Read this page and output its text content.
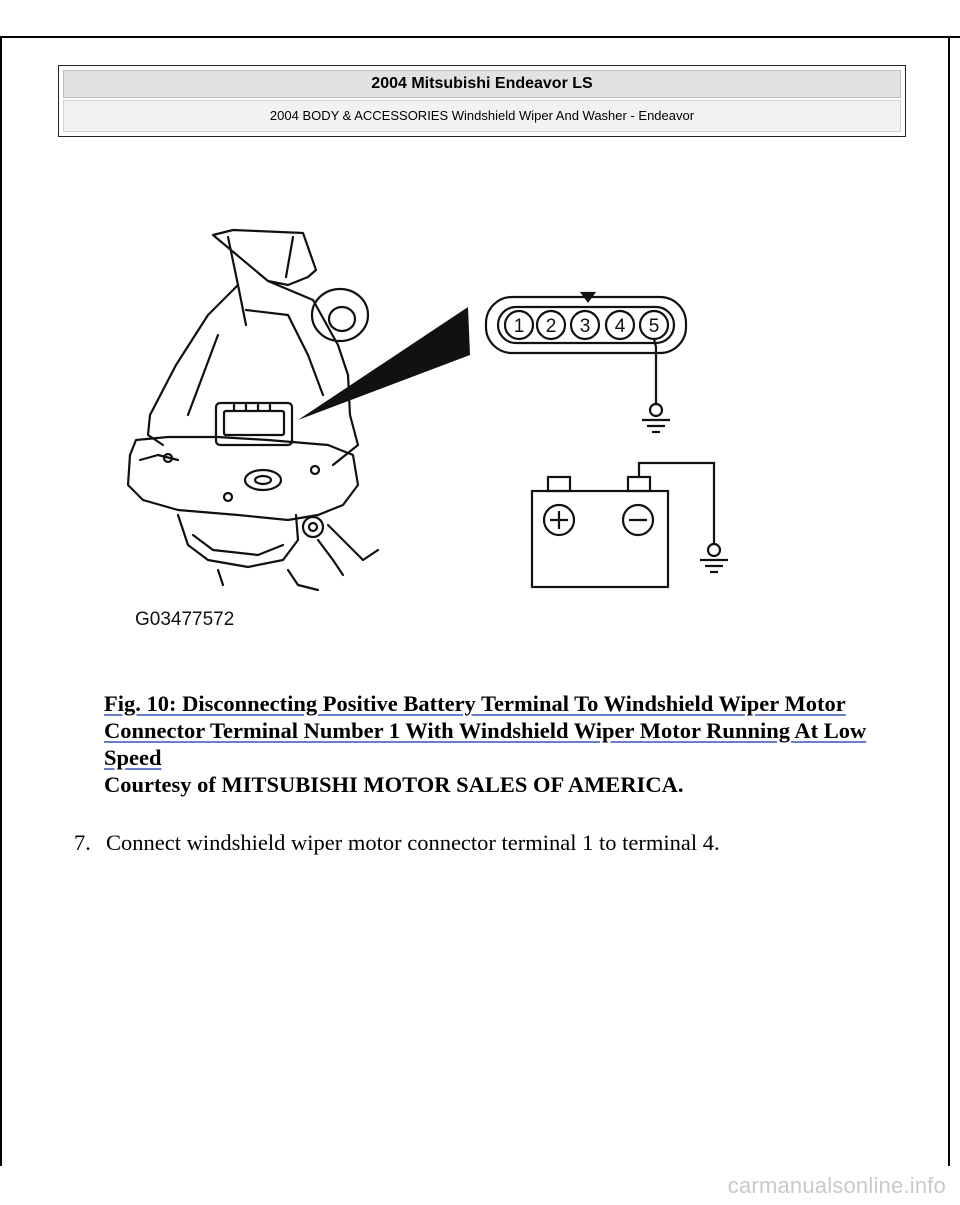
2004 Mitsubishi Endeavor LS
2004 BODY & ACCESSORIES Windshield Wiper And Washer - Endeavor
1 2 3 4 5
G03477572
Fig. 10: Disconnecting Positive Battery Terminal To Windshield Wiper Motor Connector Terminal Number 1 With Windshield Wiper Motor Running At Low Speed
Courtesy of MITSUBISHI MOTOR SALES OF AMERICA.
7. Connect windshield wiper motor connector terminal 1 to terminal 4.
carmanualsonline.info
